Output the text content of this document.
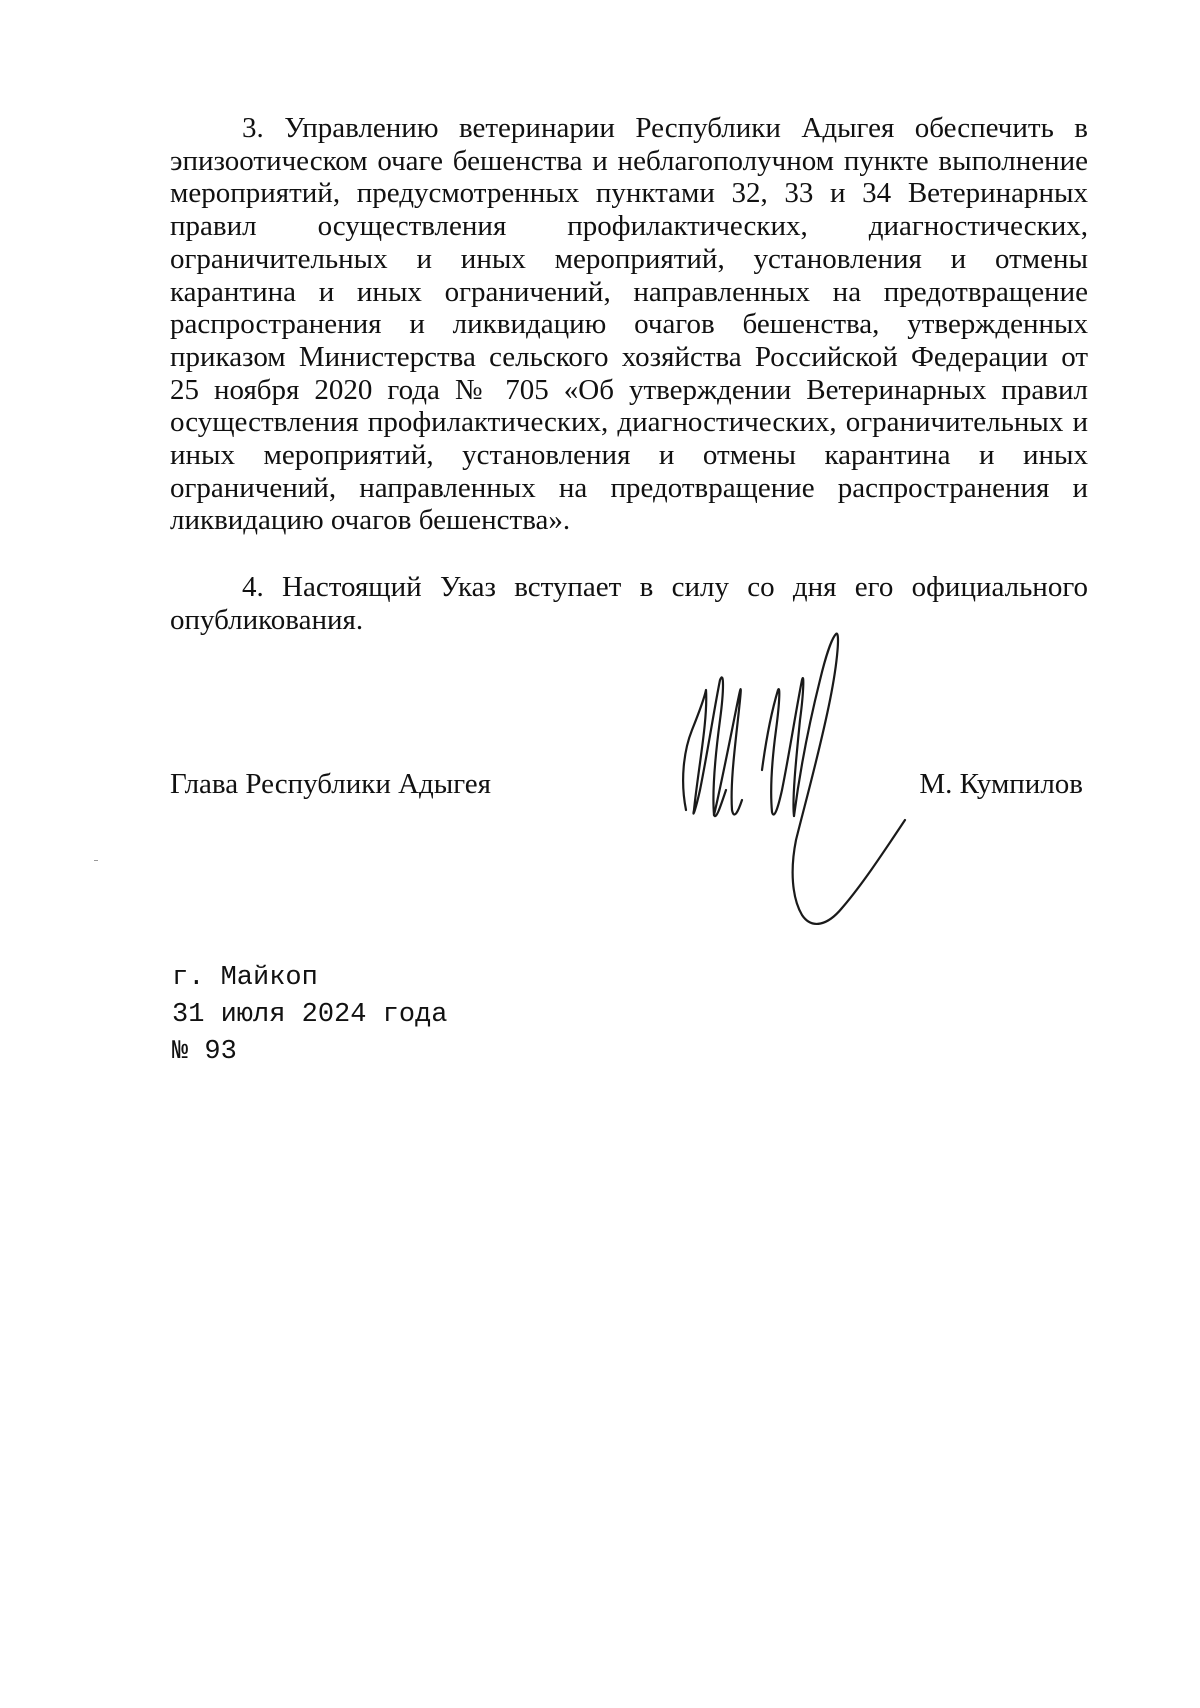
3. Управлению ветеринарии Республики Адыгея обеспечить в эпизоотическом очаге бешенства и неблагополучном пункте выполнение мероприятий, предусмотренных пунктами 32, 33 и 34 Ветеринарных правил осуществления профилактических, диагностических, ограничительных и иных мероприятий, установления и отмены карантина и иных ограничений, направленных на предотвращение распространения и ликвидацию очагов бешенства, утвержденных приказом Министерства сельского хозяйства Российской Федерации от 25 ноября 2020 года № 705 «Об утверждении Ветеринарных правил осуществления профилактических, диагностических, ограничительных и иных мероприятий, установления и отмены карантина и иных ограничений, направленных на предотвращение распространения и ликвидацию очагов бешенства».

4. Настоящий Указ вступает в силу со дня его официального опубликования.

Глава Республики Адыгея	М. Кумпилов
г. Майкоп
31 июля 2024 года
№ 93
